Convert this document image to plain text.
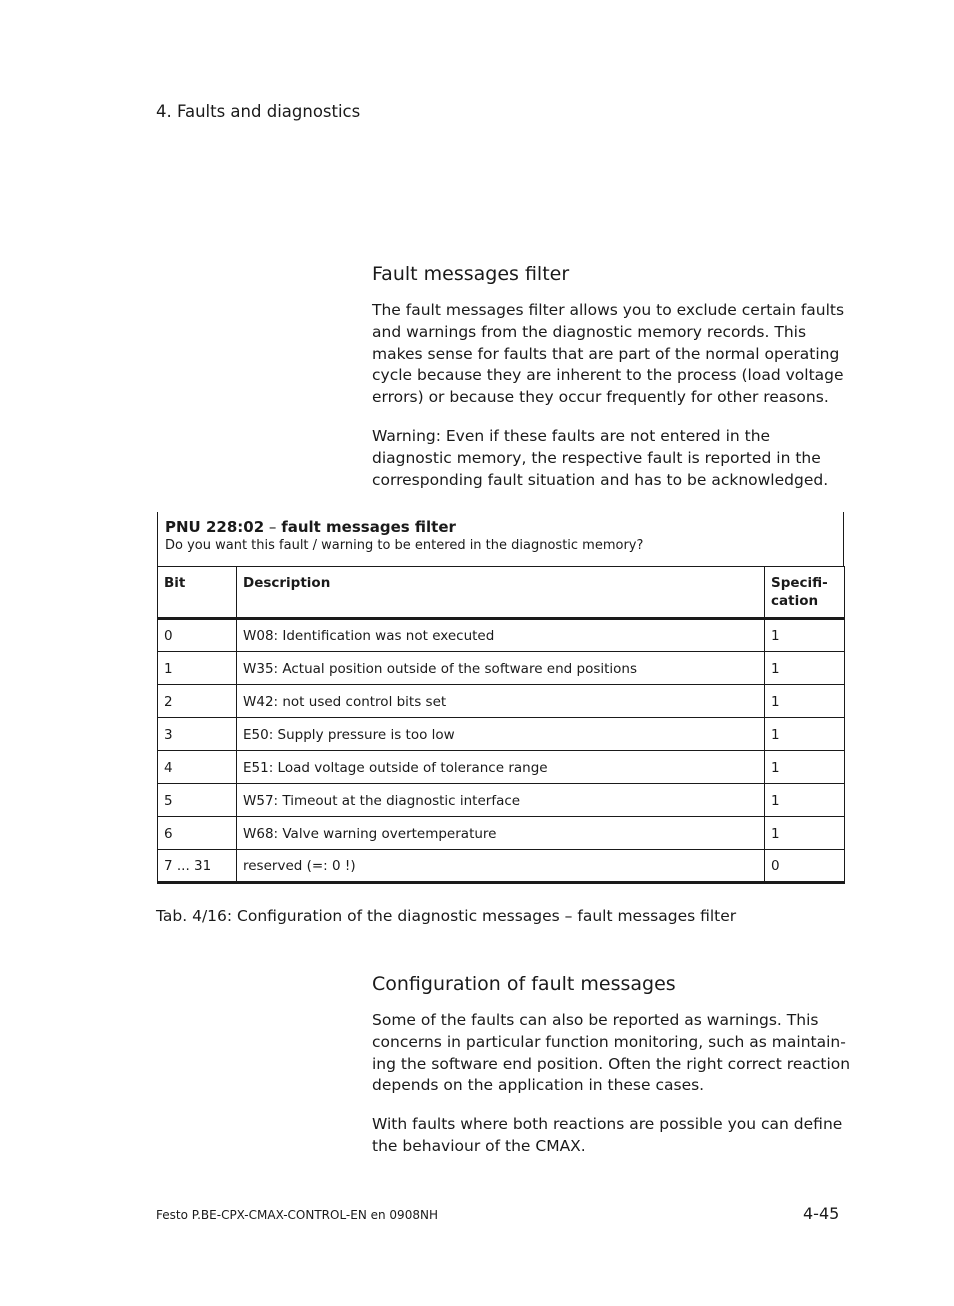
4. Faults and diagnostics
Fault messages filter
The fault messages filter allows you to exclude certain faults and warnings from the diagnostic memory records. This makes sense for faults that are part of the normal operating cycle because they are inherent to the process (load voltage errors) or because they occur frequently for other reasons.
Warning: Even if these faults are not entered in the diagnostic memory, the respective fault is reported in the corresponding fault situation and has to be acknowledged.
PNU 228:02 – fault messages filter
Do you want this fault / warning to be entered in the diagnostic memory?
Bit	Description	Specifi-
cation
0	W08: Identification was not executed	1
1	W35: Actual position outside of the software end positions	1
2	W42: not used control bits set	1
3	E50: Supply pressure is too low	1
4	E51: Load voltage outside of tolerance range	1
5	W57: Timeout at the diagnostic interface	1
6	W68: Valve warning overtemperature	1
7 ... 31	reserved (=: 0 !)	0
Tab. 4/16: Configuration of the diagnostic messages – fault messages filter
Configuration of fault messages
Some of the faults can also be reported as warnings. This concerns in particular function monitoring, such as maintaining the software end position. Often the right correct reaction depends on the application in these cases.
With faults where both reactions are possible you can define the behaviour of the CMAX.
Festo P.BE-CPX-CMAX-CONTROL-EN en 0908NH	4-45
